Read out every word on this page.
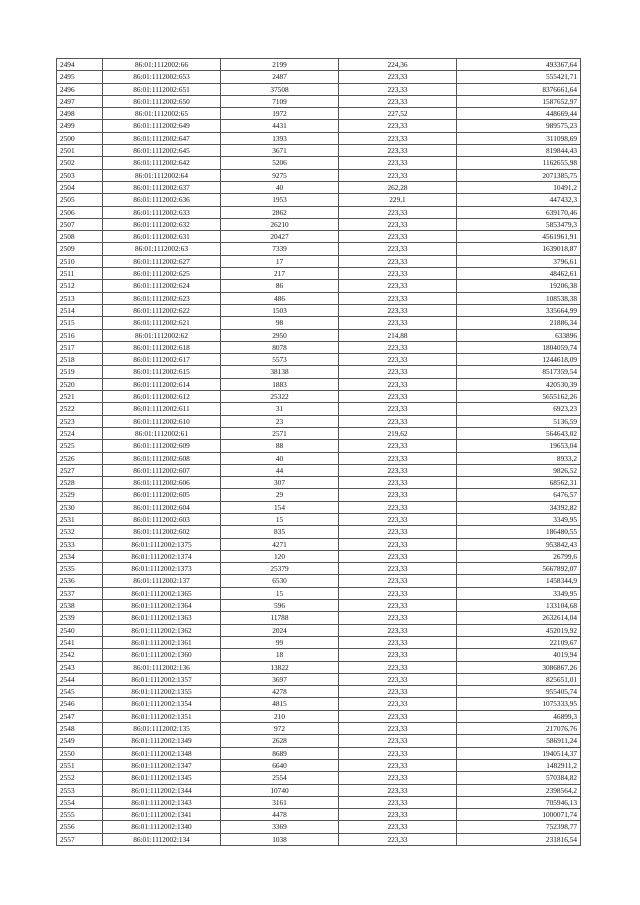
2494	86:01:1112002:66	2199	224,36	493367,64
2495	86:01:1112002:653	2487	223,33	555421,71
2496	86:01:1112002:651	37508	223,33	8376661,64
2497	86:01:1112002:650	7109	223,33	1587652,97
2498	86:01:1112002:65	1972	227,52	448669,44
2499	86:01:1112002:649	4431	223,33	989575,23
2500	86:01:1112002:647	1393	223,33	311098,69
2501	86:01:1112002:645	3671	223,33	819844,43
2502	86:01:1112002:642	5206	223,33	1162655,98
2503	86:01:1112002:64	9275	223,33	2071385,75
2504	86:01:1112002:637	40	262,28	10491,2
2505	86:01:1112002:636	1953	229,1	447432,3
2506	86:01:1112002:633	2862	223,33	639170,46
2507	86:01:1112002:632	26210	223,33	5853479,3
2508	86:01:1112002:631	20427	223,33	4561961,91
2509	86:01:1112002:63	7339	223,33	1639018,87
2510	86:01:1112002:627	17	223,33	3796,61
2511	86:01:1112002:625	217	223,33	48462,61
2512	86:01:1112002:624	86	223,33	19206,38
2513	86:01:1112002:623	486	223,33	108538,38
2514	86:01:1112002:622	1503	223,33	335664,99
2515	86:01:1112002:621	98	223,33	21886,34
2516	86:01:1112002:62	2950	214,88	633896
2517	86:01:1112002:618	8078	223,33	1804059,74
2518	86:01:1112002:617	5573	223,33	1244618,09
2519	86:01:1112002:615	38138	223,33	8517359,54
2520	86:01:1112002:614	1883	223,33	420530,39
2521	86:01:1112002:612	25322	223,33	5655162,26
2522	86:01:1112002:611	31	223,33	6923,23
2523	86:01:1112002:610	23	223,33	5136,59
2524	86:01:1112002:61	2571	219,62	564643,02
2525	86:01:1112002:609	88	223,33	19653,04
2526	86:01:1112002:608	40	223,33	8933,2
2527	86:01:1112002:607	44	223,33	9826,52
2528	86:01:1112002:606	307	223,33	68562,31
2529	86:01:1112002:605	29	223,33	6476,57
2530	86:01:1112002:604	154	223,33	34392,82
2531	86:01:1112002:603	15	223,33	3349,95
2532	86:01:1112002:602	835	223,33	186480,55
2533	86:01:1112002:1375	4271	223,33	953842,43
2534	86:01:1112002:1374	120	223,33	26799,6
2535	86:01:1112002:1373	25379	223,33	5667892,07
2536	86:01:1112002:137	6530	223,33	1458344,9
2537	86:01:1112002:1365	15	223,33	3349,95
2538	86:01:1112002:1364	596	223,33	133104,68
2539	86:01:1112002:1363	11788	223,33	2632614,04
2540	86:01:1112002:1362	2024	223,33	452019,92
2541	86:01:1112002:1361	99	223,33	22109,67
2542	86:01:1112002:1360	18	223,33	4019,94
2543	86:01:1112002:136	13822	223,33	3086867,26
2544	86:01:1112002:1357	3697	223,33	825651,01
2545	86:01:1112002:1355	4278	223,33	955405,74
2546	86:01:1112002:1354	4815	223,33	1075333,95
2547	86:01:1112002:1351	210	223,33	46899,3
2548	86:01:1112002:135	972	223,33	217076,76
2549	86:01:1112002:1349	2628	223,33	586911,24
2550	86:01:1112002:1348	8689	223,33	1940514,37
2551	86:01:1112002:1347	6640	223,33	1482911,2
2552	86:01:1112002:1345	2554	223,33	570384,82
2553	86:01:1112002:1344	10740	223,33	2398564,2
2554	86:01:1112002:1343	3161	223,33	705946,13
2555	86:01:1112002:1341	4478	223,33	1000071,74
2556	86:01:1112002:1340	3369	223,33	752398,77
2557	86:01:1112002:134	1038	223,33	231816,54
